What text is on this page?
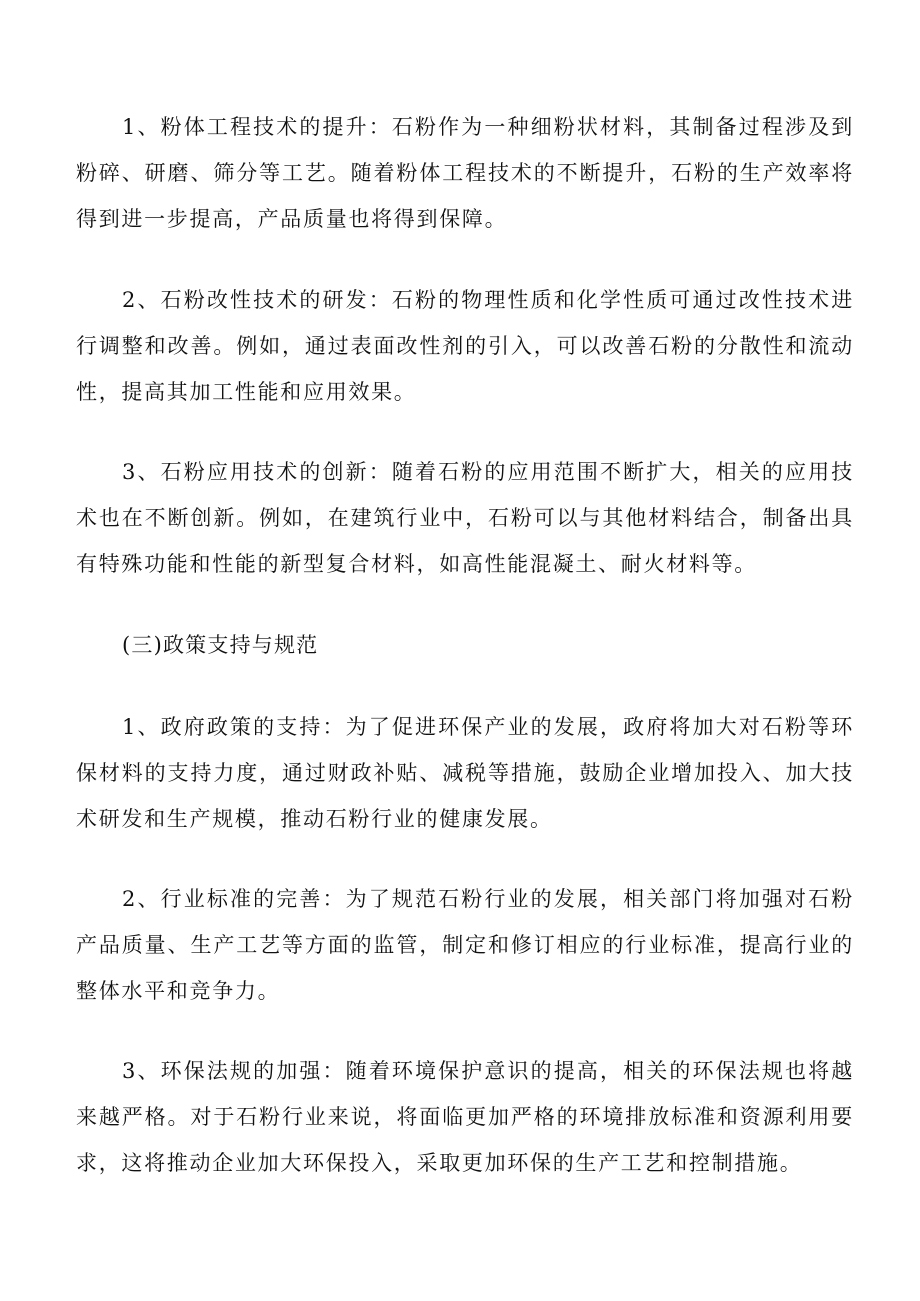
1、粉体工程技术的提升：石粉作为一种细粉状材料，其制备过程涉及到粉碎、研磨、筛分等工艺。随着粉体工程技术的不断提升，石粉的生产效率将得到进一步提高，产品质量也将得到保障。

2、石粉改性技术的研发：石粉的物理性质和化学性质可通过改性技术进行调整和改善。例如，通过表面改性剂的引入，可以改善石粉的分散性和流动性，提高其加工性能和应用效果。

3、石粉应用技术的创新：随着石粉的应用范围不断扩大，相关的应用技术也在不断创新。例如，在建筑行业中，石粉可以与其他材料结合，制备出具有特殊功能和性能的新型复合材料，如高性能混凝土、耐火材料等。

(三)政策支持与规范

1、政府政策的支持：为了促进环保产业的发展，政府将加大对石粉等环保材料的支持力度，通过财政补贴、减税等措施，鼓励企业增加投入、加大技术研发和生产规模，推动石粉行业的健康发展。

2、行业标准的完善：为了规范石粉行业的发展，相关部门将加强对石粉产品质量、生产工艺等方面的监管，制定和修订相应的行业标准，提高行业的整体水平和竞争力。

3、环保法规的加强：随着环境保护意识的提高，相关的环保法规也将越来越严格。对于石粉行业来说，将面临更加严格的环境排放标准和资源利用要求，这将推动企业加大环保投入，采取更加环保的生产工艺和控制措施。
